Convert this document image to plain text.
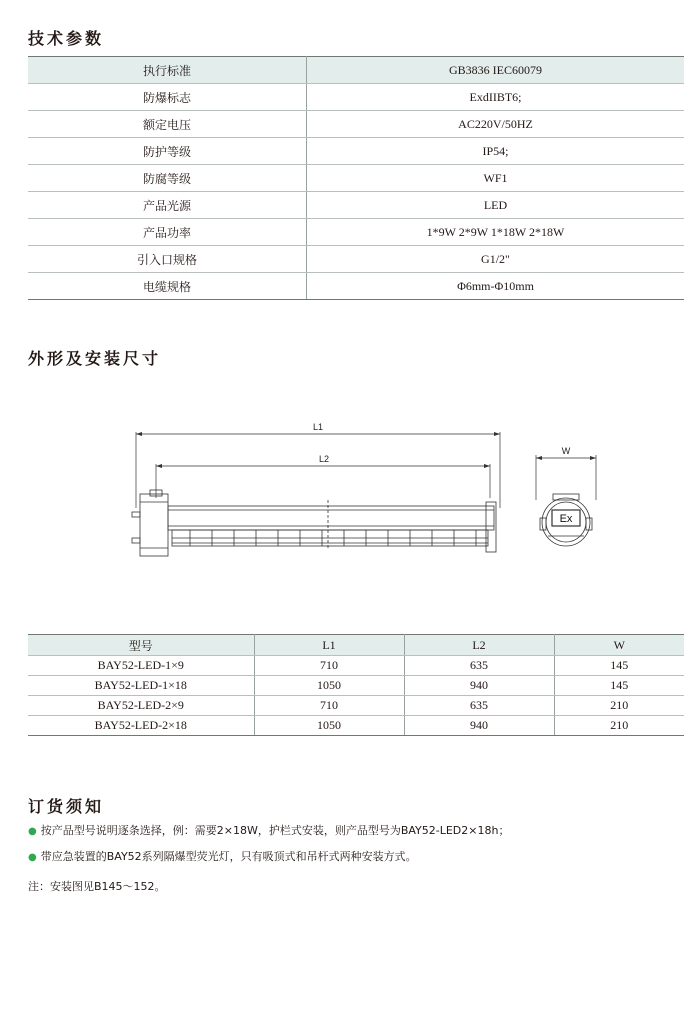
技术参数
执行标准	GB3836 IEC60079
防爆标志	ExdIIBT6;
额定电压	AC220V/50HZ
防护等级	IP54;
防腐等级	WF1
产品光源	LED
产品功率	1*9W 2*9W 1*18W 2*18W
引入口规格	G1/2"
电缆规格	Φ6mm-Φ10mm
外形及安装尺寸
L1
L2
W
Ex
型号	L1	L2	W
BAY52-LED-1×9	710	635	145
BAY52-LED-1×18	1050	940	145
BAY52-LED-2×9	710	635	210
BAY52-LED-2×18	1050	940	210
订货须知
● 按产品型号说明逐条选择，例：需要2×18W，护栏式安装，则产品型号为BAY52-LED2×18h；
● 带应急装置的BAY52系列隔爆型荧光灯，只有吸顶式和吊杆式两种安装方式。
注：安装图见B145～152。
